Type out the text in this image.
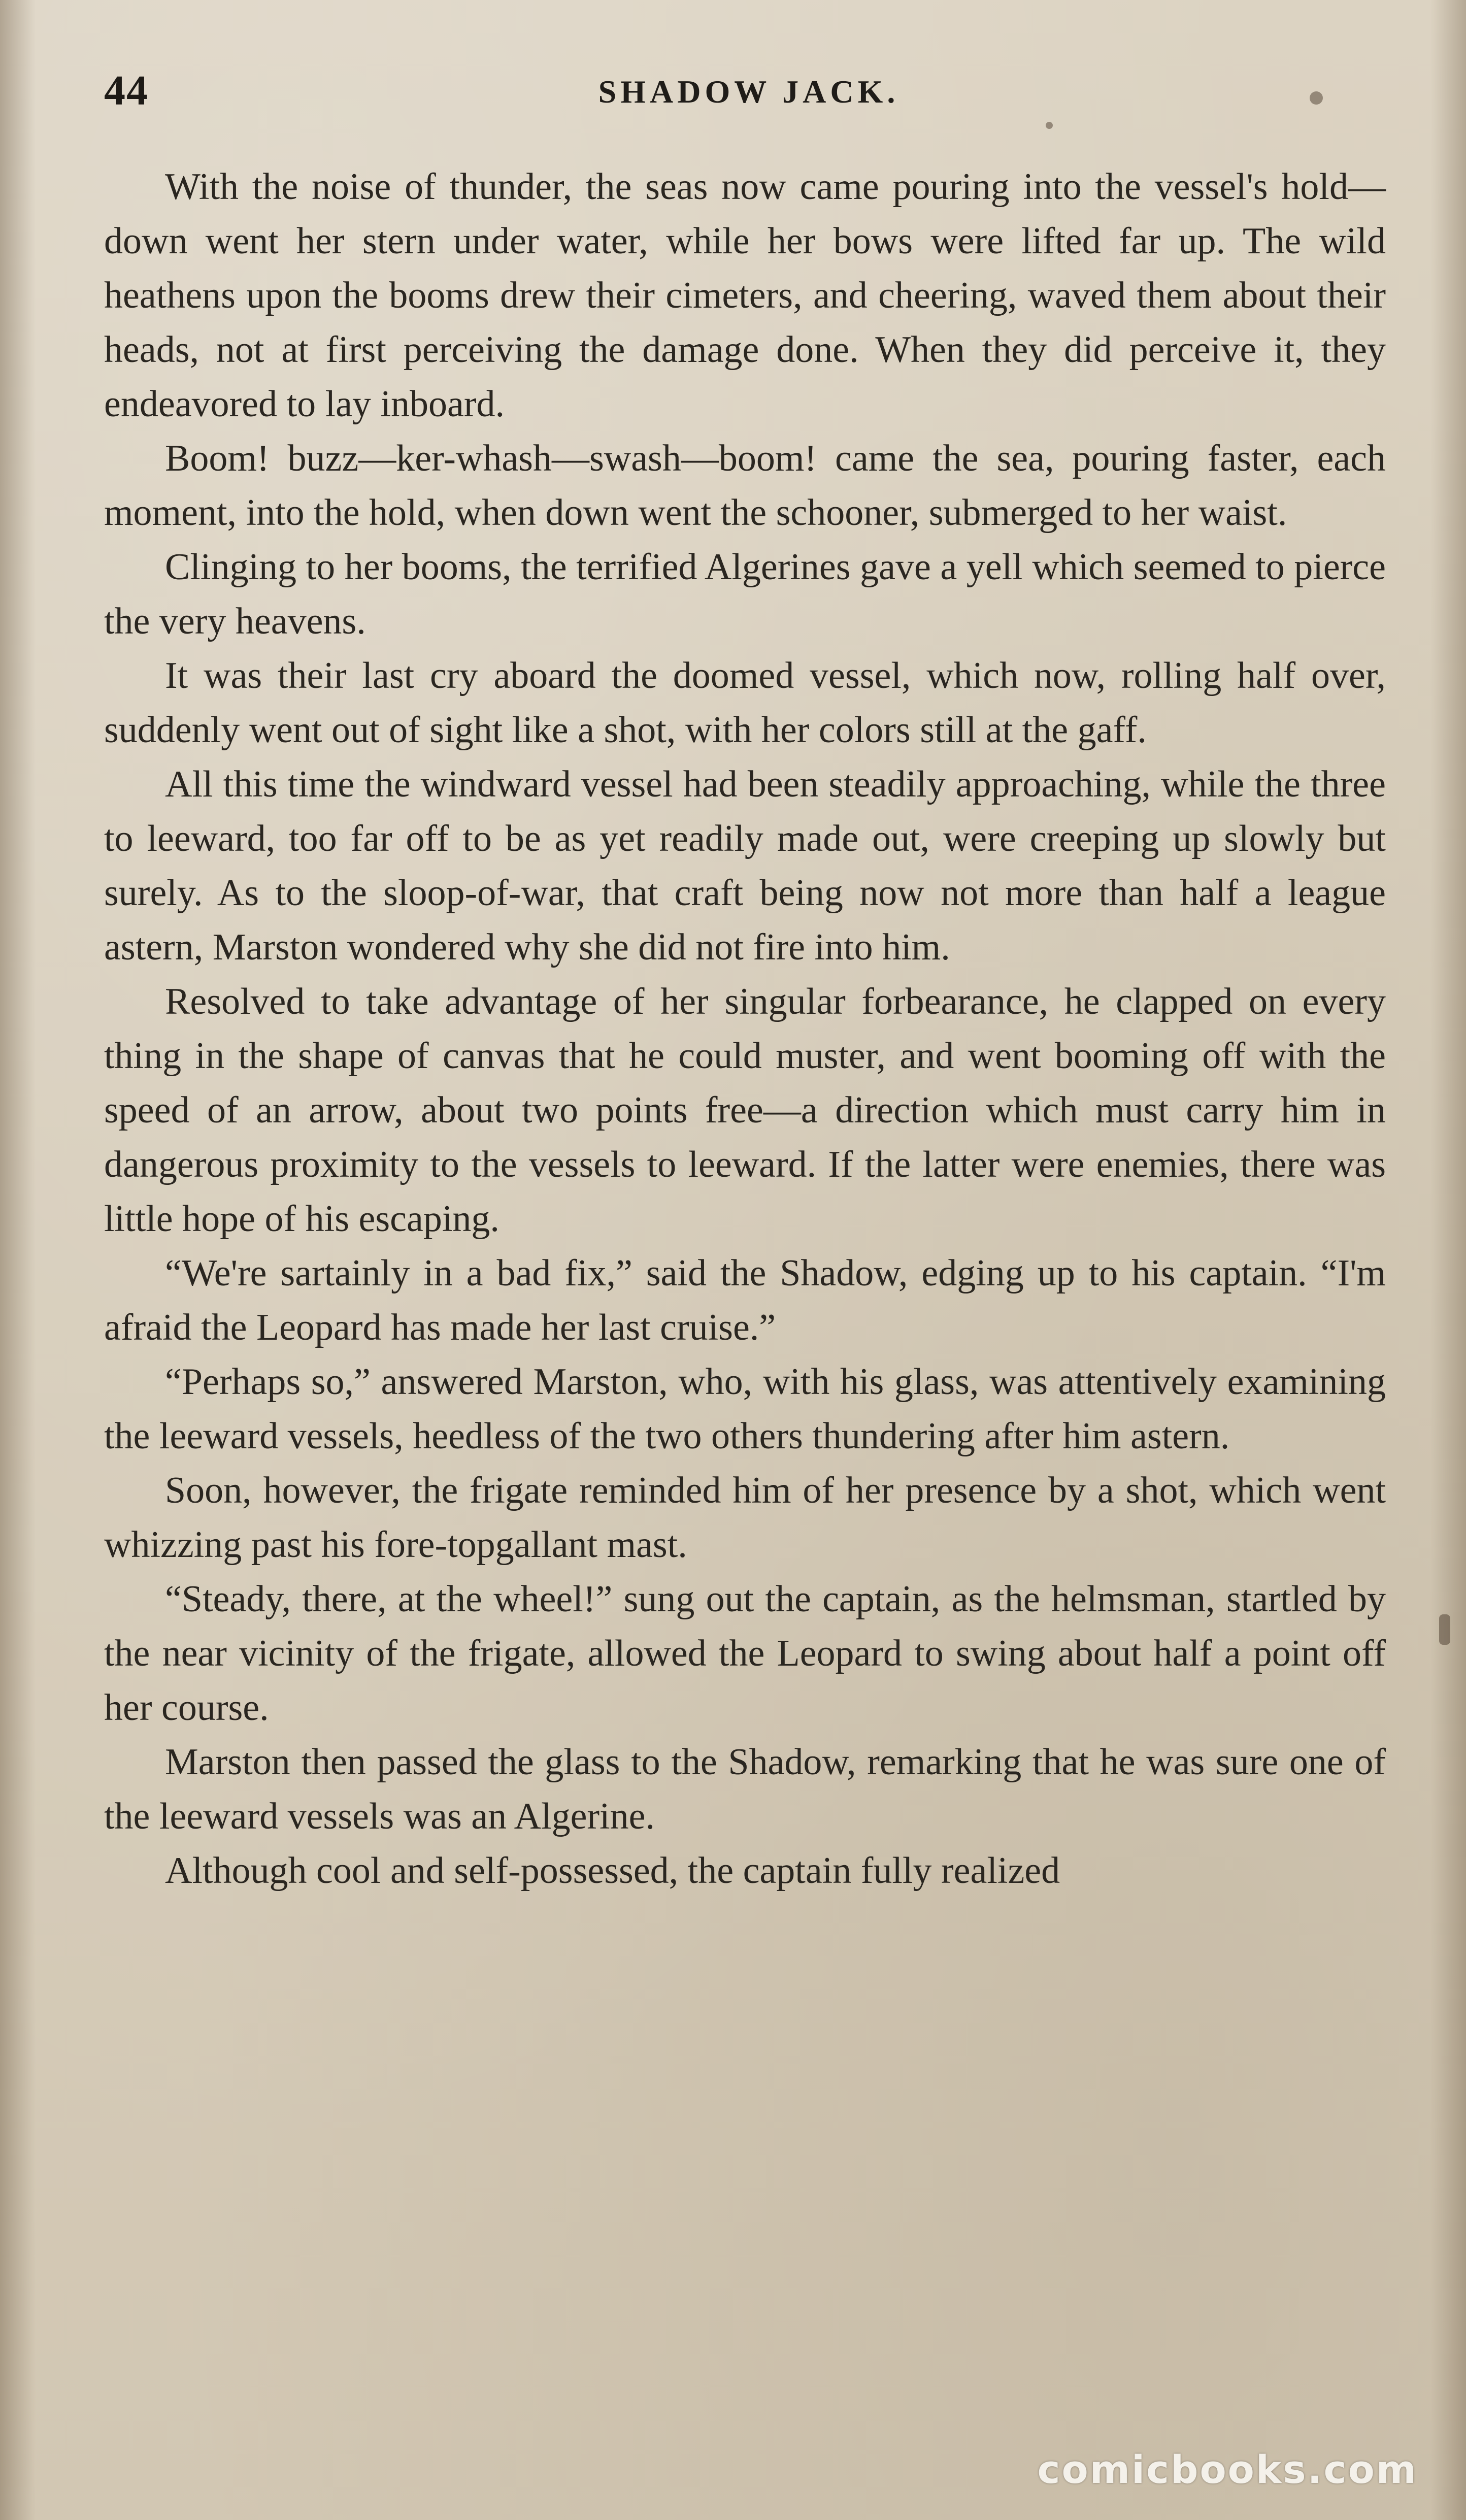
44	SHADOW JACK.

With the noise of thunder, the seas now came pouring into the vessel's hold—down went her stern under water, while her bows were lifted far up. The wild heathens upon the booms drew their cimeters, and cheering, waved them about their heads, not at first perceiving the damage done. When they did perceive it, they endeavored to lay inboard.

Boom! buzz—ker-whash—swash—boom! came the sea, pouring faster, each moment, into the hold, when down went the schooner, submerged to her waist.

Clinging to her booms, the terrified Algerines gave a yell which seemed to pierce the very heavens.

It was their last cry aboard the doomed vessel, which now, rolling half over, suddenly went out of sight like a shot, with her colors still at the gaff.

All this time the windward vessel had been steadily approaching, while the three to leeward, too far off to be as yet readily made out, were creeping up slowly but surely. As to the sloop-of-war, that craft being now not more than half a league astern, Marston wondered why she did not fire into him.

Resolved to take advantage of her singular forbearance, he clapped on every thing in the shape of canvas that he could muster, and went booming off with the speed of an arrow, about two points free—a direction which must carry him in dangerous proximity to the vessels to leeward. If the latter were enemies, there was little hope of his escaping.

“We're sartainly in a bad fix,” said the Shadow, edging up to his captain. “I'm afraid the Leopard has made her last cruise.”

“Perhaps so,” answered Marston, who, with his glass, was attentively examining the leeward vessels, heedless of the two others thundering after him astern.

Soon, however, the frigate reminded him of her presence by a shot, which went whizzing past his fore-topgallant mast.

“Steady, there, at the wheel!” sung out the captain, as the helmsman, startled by the near vicinity of the frigate, allowed the Leopard to swing about half a point off her course.

Marston then passed the glass to the Shadow, remarking that he was sure one of the leeward vessels was an Algerine.

Although cool and self-possessed, the captain fully realized

comicbooks.com
